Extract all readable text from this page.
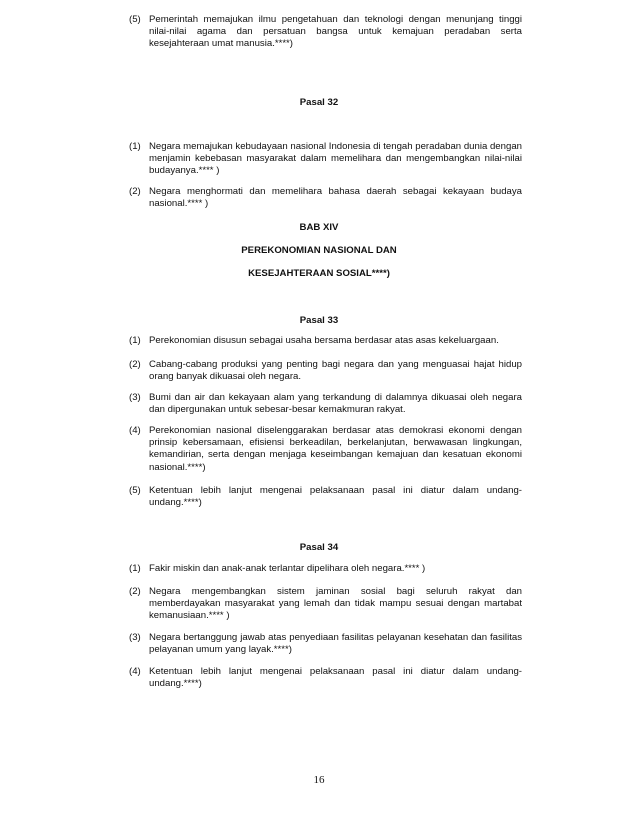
(5) Pemerintah memajukan ilmu pengetahuan dan teknologi dengan menunjang tinggi nilai-nilai agama dan persatuan bangsa untuk kemajuan peradaban serta kesejahteraan umat manusia.****)
Pasal 32
(1) Negara memajukan kebudayaan nasional Indonesia di tengah peradaban dunia dengan menjamin kebebasan masyarakat dalam memelihara dan mengembangkan nilai-nilai budayanya.**** )
(2) Negara menghormati dan memelihara bahasa daerah sebagai kekayaan budaya nasional.**** )
BAB XIV
PEREKONOMIAN NASIONAL DAN
KESEJAHTERAAN SOSIAL****)
Pasal 33
(1) Perekonomian disusun sebagai usaha bersama berdasar atas asas kekeluargaan.
(2) Cabang-cabang produksi yang penting bagi negara dan yang menguasai hajat hidup orang banyak dikuasai oleh negara.
(3) Bumi dan air dan kekayaan alam yang terkandung di dalamnya dikuasai oleh negara dan dipergunakan untuk sebesar-besar kemakmuran rakyat.
(4) Perekonomian nasional diselenggarakan berdasar atas demokrasi ekonomi dengan prinsip kebersamaan, efisiensi berkeadilan, berkelanjutan, berwawasan lingkungan, kemandirian, serta dengan menjaga keseimbangan kemajuan dan kesatuan ekonomi nasional.****)
(5) Ketentuan lebih lanjut mengenai pelaksanaan pasal ini diatur dalam undang-undang.****)
Pasal 34
(1) Fakir miskin dan anak-anak terlantar dipelihara oleh negara.**** )
(2) Negara mengembangkan sistem jaminan sosial bagi seluruh rakyat dan memberdayakan masyarakat yang lemah dan tidak mampu sesuai dengan martabat kemanusiaan.**** )
(3) Negara bertanggung jawab atas penyediaan fasilitas pelayanan kesehatan dan fasilitas pelayanan umum yang layak.****)
(4) Ketentuan lebih lanjut mengenai pelaksanaan pasal ini diatur dalam undang-undang.****)
16
